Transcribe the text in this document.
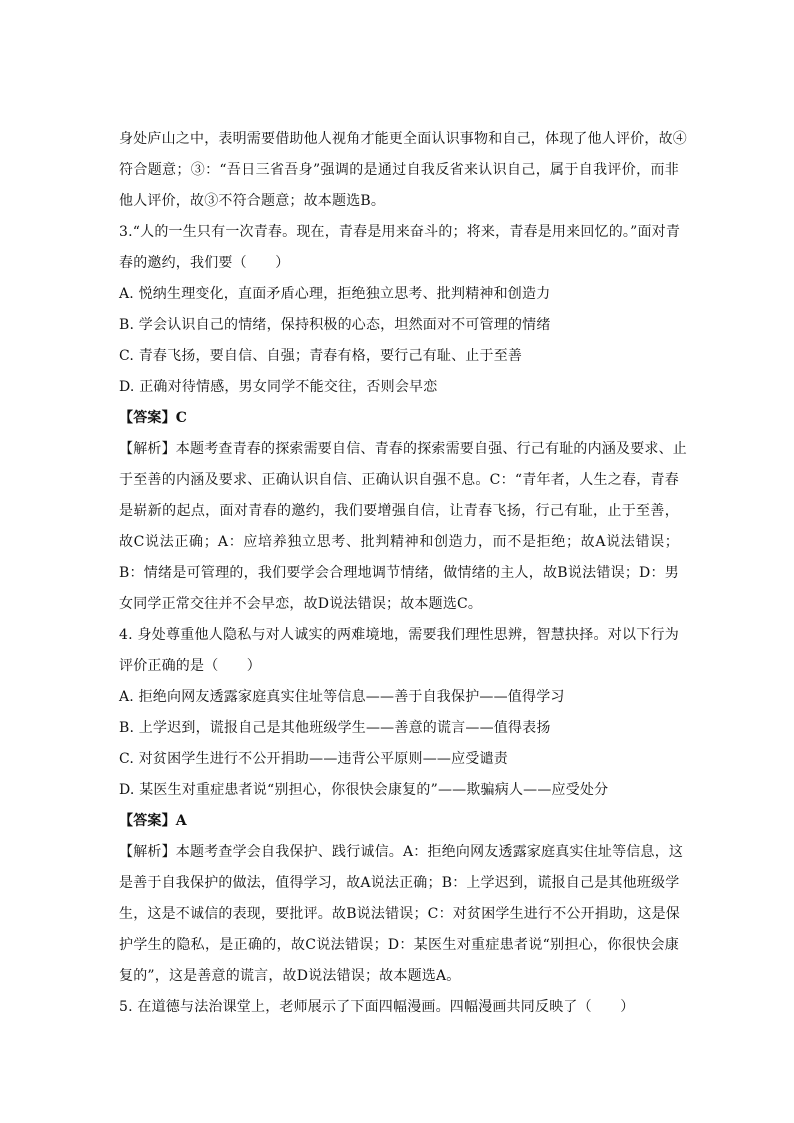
身处庐山之中，表明需要借助他人视角才能更全面认识事物和自己，体现了他人评价，故④
符合题意；③：“吾日三省吾身”强调的是通过自我反省来认识自己，属于自我评价，而非
他人评价，故③不符合题意；故本题选B。
3.“人的一生只有一次青春。现在，青春是用来奋斗的；将来，青春是用来回忆的。”面对青
春的邀约，我们要（　　）
A. 悦纳生理变化，直面矛盾心理，拒绝独立思考、批判精神和创造力
B. 学会认识自己的情绪，保持积极的心态，坦然面对不可管理的情绪
C. 青春飞扬，要自信、自强；青春有格，要行己有耻、止于至善
D. 正确对待情感，男女同学不能交往，否则会早恋
【答案】C
【解析】本题考查青春的探索需要自信、青春的探索需要自强、行己有耻的内涵及要求、止
于至善的内涵及要求、正确认识自信、正确认识自强不息。C：“青年者，人生之春，青春
是崭新的起点，面对青春的邀约，我们要增强自信，让青春飞扬，行己有耻，止于至善，
故C说法正确；A：应培养独立思考、批判精神和创造力，而不是拒绝；故A说法错误；
B：情绪是可管理的，我们要学会合理地调节情绪，做情绪的主人，故B说法错误；D：男
女同学正常交往并不会早恋，故D说法错误；故本题选C。
4. 身处尊重他人隐私与对人诚实的两难境地，需要我们理性思辨，智慧抉择。对以下行为
评价正确的是（　　）
A. 拒绝向网友透露家庭真实住址等信息——善于自我保护——值得学习
B. 上学迟到，谎报自己是其他班级学生——善意的谎言——值得表扬
C. 对贫困学生进行不公开捐助——违背公平原则——应受谴责
D. 某医生对重症患者说“别担心，你很快会康复的”——欺骗病人——应受处分
【答案】A
【解析】本题考查学会自我保护、践行诚信。A：拒绝向网友透露家庭真实住址等信息，这
是善于自我保护的做法，值得学习，故A说法正确；B：上学迟到，谎报自己是其他班级学
生，这是不诚信的表现，要批评。故B说法错误；C：对贫困学生进行不公开捐助，这是保
护学生的隐私，是正确的，故C说法错误；D：某医生对重症患者说“别担心，你很快会康
复的”，这是善意的谎言，故D说法错误；故本题选A。
5. 在道德与法治课堂上，老师展示了下面四幅漫画。四幅漫画共同反映了（　　）
